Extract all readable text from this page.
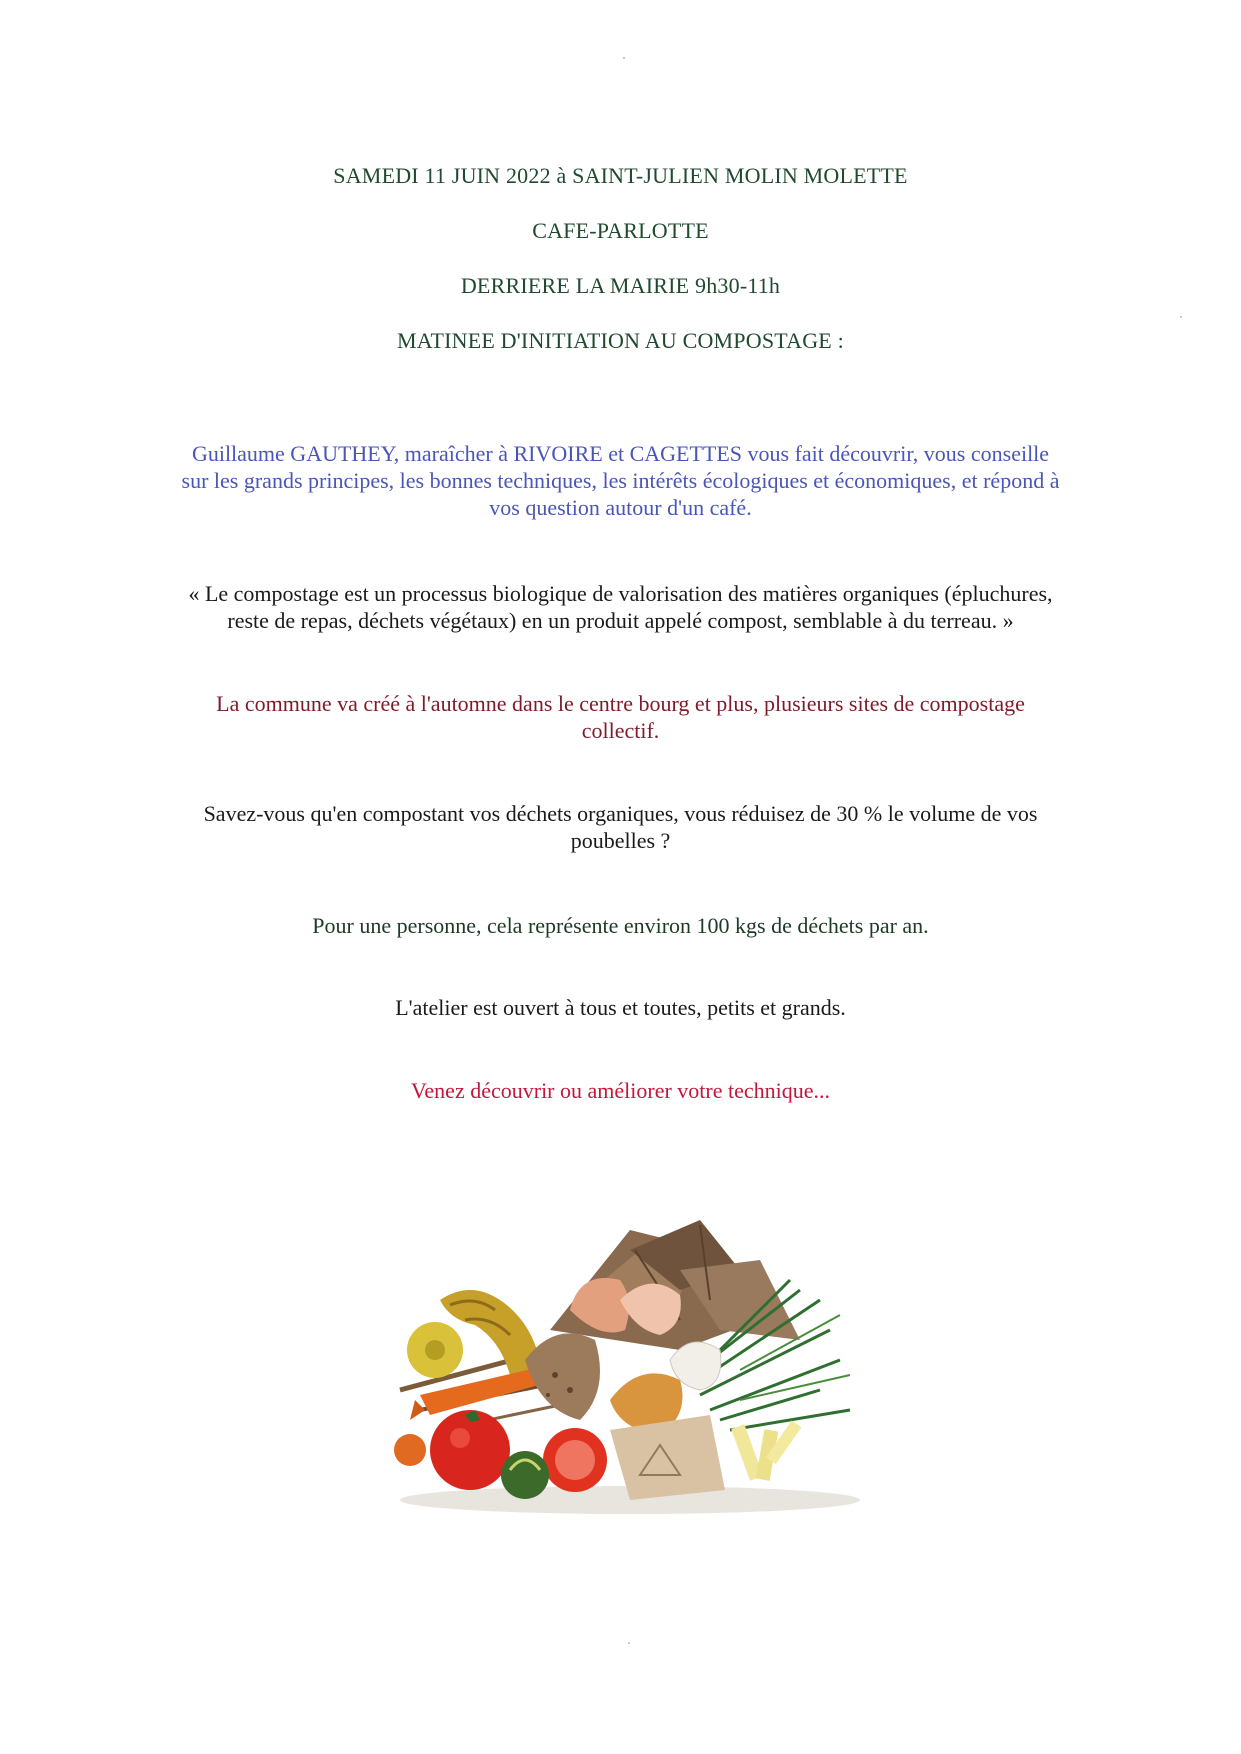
SAMEDI 11 JUIN 2022 à SAINT-JULIEN MOLIN MOLETTE

CAFE-PARLOTTE

DERRIERE LA MAIRIE 9h30-11h

MATINEE D'INITIATION AU COMPOSTAGE :

Guillaume GAUTHEY, maraîcher à RIVOIRE et CAGETTES vous fait découvrir, vous conseille

sur les grands principes, les bonnes techniques, les intérêts écologiques et économiques, et répond à

vos question autour d'un café.

« Le compostage est un processus biologique de valorisation des matières organiques (épluchures,

reste de repas, déchets végétaux) en un produit appelé compost, semblable à du terreau. »

La commune va créé à l'automne dans le centre bourg et plus, plusieurs sites de compostage

collectif.

Savez-vous qu'en compostant vos déchets organiques, vous réduisez de 30 % le volume de vos

poubelles ?

Pour une personne, cela représente environ 100 kgs de déchets par an.

L'atelier est ouvert à tous et toutes, petits et grands.

Venez découvrir ou améliorer votre technique...
